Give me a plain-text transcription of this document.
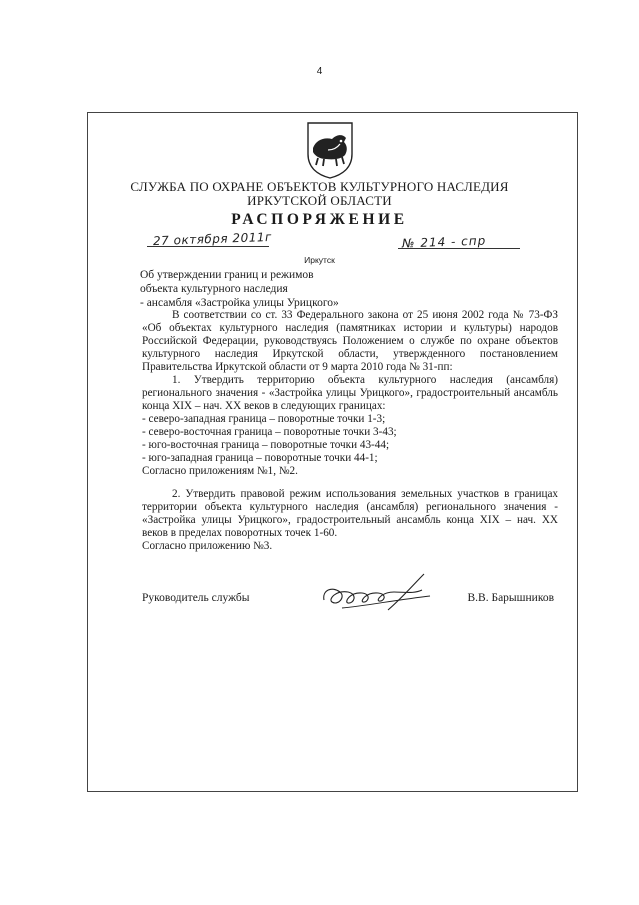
4
СЛУЖБА ПО ОХРАНЕ ОБЪЕКТОВ КУЛЬТУРНОГО НАСЛЕДИЯ
ИРКУТСКОЙ ОБЛАСТИ
РАСПОРЯЖЕНИЕ
27 октября 2011г	№ 214 - спр
Иркутск
Об утверждении границ и режимов
объекта культурного наследия
- ансамбля «Застройка улицы Урицкого»

В соответствии со ст. 33 Федерального закона от 25 июня 2002 года № 73-ФЗ «Об объектах культурного наследия (памятниках истории и культуры) народов Российской Федерации, руководствуясь Положением о службе по охране объектов культурного наследия Иркутской области, утвержденного постановлением Правительства Иркутской области от 9 марта 2010 года № 31-пп:

1. Утвердить территорию объекта культурного наследия (ансамбля) регионального значения - «Застройка улицы Урицкого», градостроительный ансамбль конца XIX – нач. XX веков в следующих границах:

- северо-западная граница – поворотные точки 1-3;
- северо-восточная граница – поворотные точки 3-43;
- юго-восточная граница – поворотные точки 43-44;
- юго-западная граница – поворотные точки 44-1;
Согласно приложениям №1, №2.

2. Утвердить правовой режим использования земельных участков в границах территории объекта культурного наследия (ансамбля) регионального значения - «Застройка улицы Урицкого», градостроительный ансамбль конца XIX – нач. XX веков в пределах поворотных точек 1-60.

Согласно приложению №3.
Руководитель службы	В.В. Барышников
